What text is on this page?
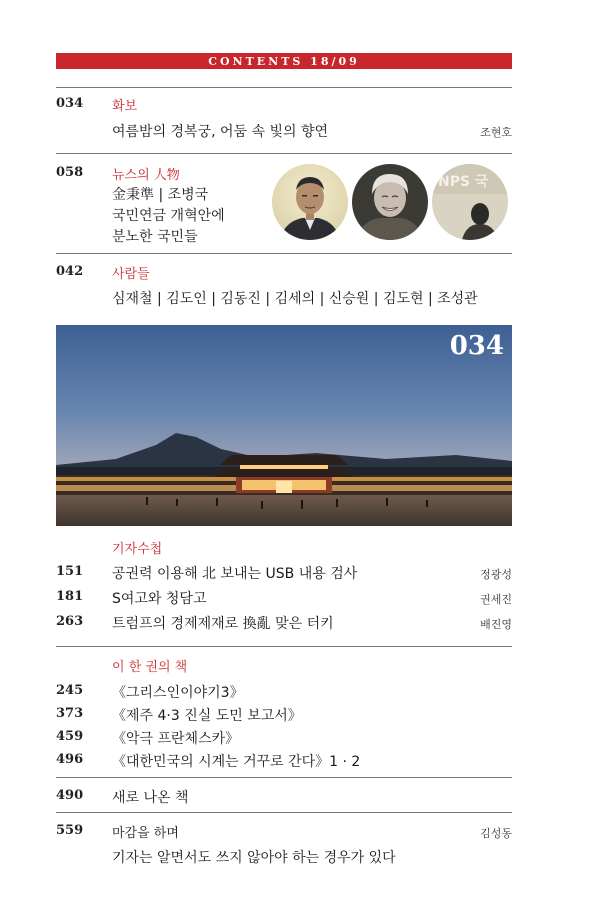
CONTENTS 18/09
034 화보
여름밤의 경복궁, 어둠 속 빛의 향연	조현호
058 뉴스의 人物
金秉準 | 조병국
국민연금 개혁안에
분노한 국민들
NPS 국
042 사람들
심재철 | 김도인 | 김동진 | 김세의 | 신승원 | 김도현 | 조성관
034
기자수첩
151 공권력 이용해 北 보내는 USB 내용 검사	정광성
181 S여고와 청담고	권세진
263 트럼프의 경제제재로 換亂 맞은 터키	배진영
이 한 권의 책
245 《그리스인이야기3》
373 《제주 4·3 진실 도민 보고서》
459 《악극 프란체스카》
496 《대한민국의 시계는 거꾸로 간다》1 · 2
490 새로 나온 책
559 마감을 하며	김성동
기자는 알면서도 쓰지 않아야 하는 경우가 있다
